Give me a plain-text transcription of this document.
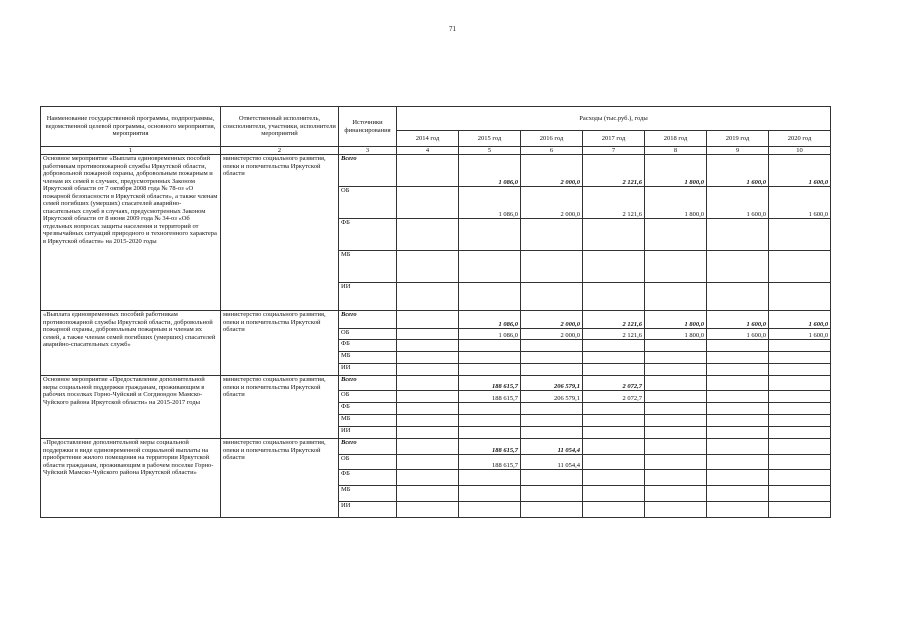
71
Наименование государственной программы, подпрограммы, ведомственной целевой программы, основного мероприятия, мероприятия	Ответственный исполнитель, соисполнители, участники, исполнители мероприятий	Источники финансирования	Расходы (тыс.руб.), годы						
			2014 год	2015 год	2016 год	2017 год	2018 год	2019 год	2020 год
1	2	3	4	5	6	7	8	9	10
Основное мероприятие «Выплата единовременных пособий работникам противопожарной службы Иркутской области, добровольной пожарной охраны, добровольным пожарным и членам их семей в случаях, предусмотренных Законом Иркутской области от 7 октября 2008 года № 78-оз «О пожарной безопасности в Иркутской области», а также членам семей погибших (умерших) спасателей аварийно-спасательных служб в случаях, предусмотренных Законом Иркутской области от 8 июня 2009 года № 34-оз «Об отдельных вопросах защиты населения и территорий от чрезвычайных ситуаций природного и техногенного характера в Иркутской области» на 2015-2020 годы	министерство социального развития, опеки и попечительства Иркутской области	Всего		1 086,0	2 000,0	2 121,6	1 800,0	1 600,0	1 600,0
		ОБ		1 086,0	2 000,0	2 121,6	1 800,0	1 600,0	1 600,0
		ФБ							
		МБ							
		ИИ							
«Выплата единовременных пособий работникам противопожарной службы Иркутской области, добровольной пожарной охраны, добровольным пожарным и членам их семей, а также членам семей погибших (умерших) спасателей аварийно-спасательных служб»	министерство социального развития, опеки и попечительства Иркутской области	Всего		1 086,0	2 000,0	2 121,6	1 800,0	1 600,0	1 600,0
		ОБ		1 086,0	2 000,0	2 121,6	1 800,0	1 600,0	1 600,0
		ФБ							
		МБ							
		ИИ							
Основное мероприятие «Предоставление дополнительной меры социальной поддержки гражданам, проживающим в рабочих поселках Горно-Чуйский и Согдиондон Мамско-Чуйского района Иркутской области» на 2015-2017 годы	министерство социального развития, опеки и попечительства Иркутской области	Всего		188 615,7	206 579,1	2 072,7			
		ОБ		188 615,7	206 579,1	2 072,7			
		ФБ							
		МБ							
		ИИ							
«Предоставление дополнительной меры социальной поддержки в виде единовременной социальной выплаты на приобретение жилого помещения на территории Иркутской области гражданам, проживающим в рабочем поселке Горно-Чуйский Мамско-Чуйского района Иркутской области»	министерство социального развития, опеки и попечительства Иркутской области	Всего		188 615,7	11 054,4				
		ОБ		188 615,7	11 054,4				
		ФБ							
		МБ							
		ИИ							
